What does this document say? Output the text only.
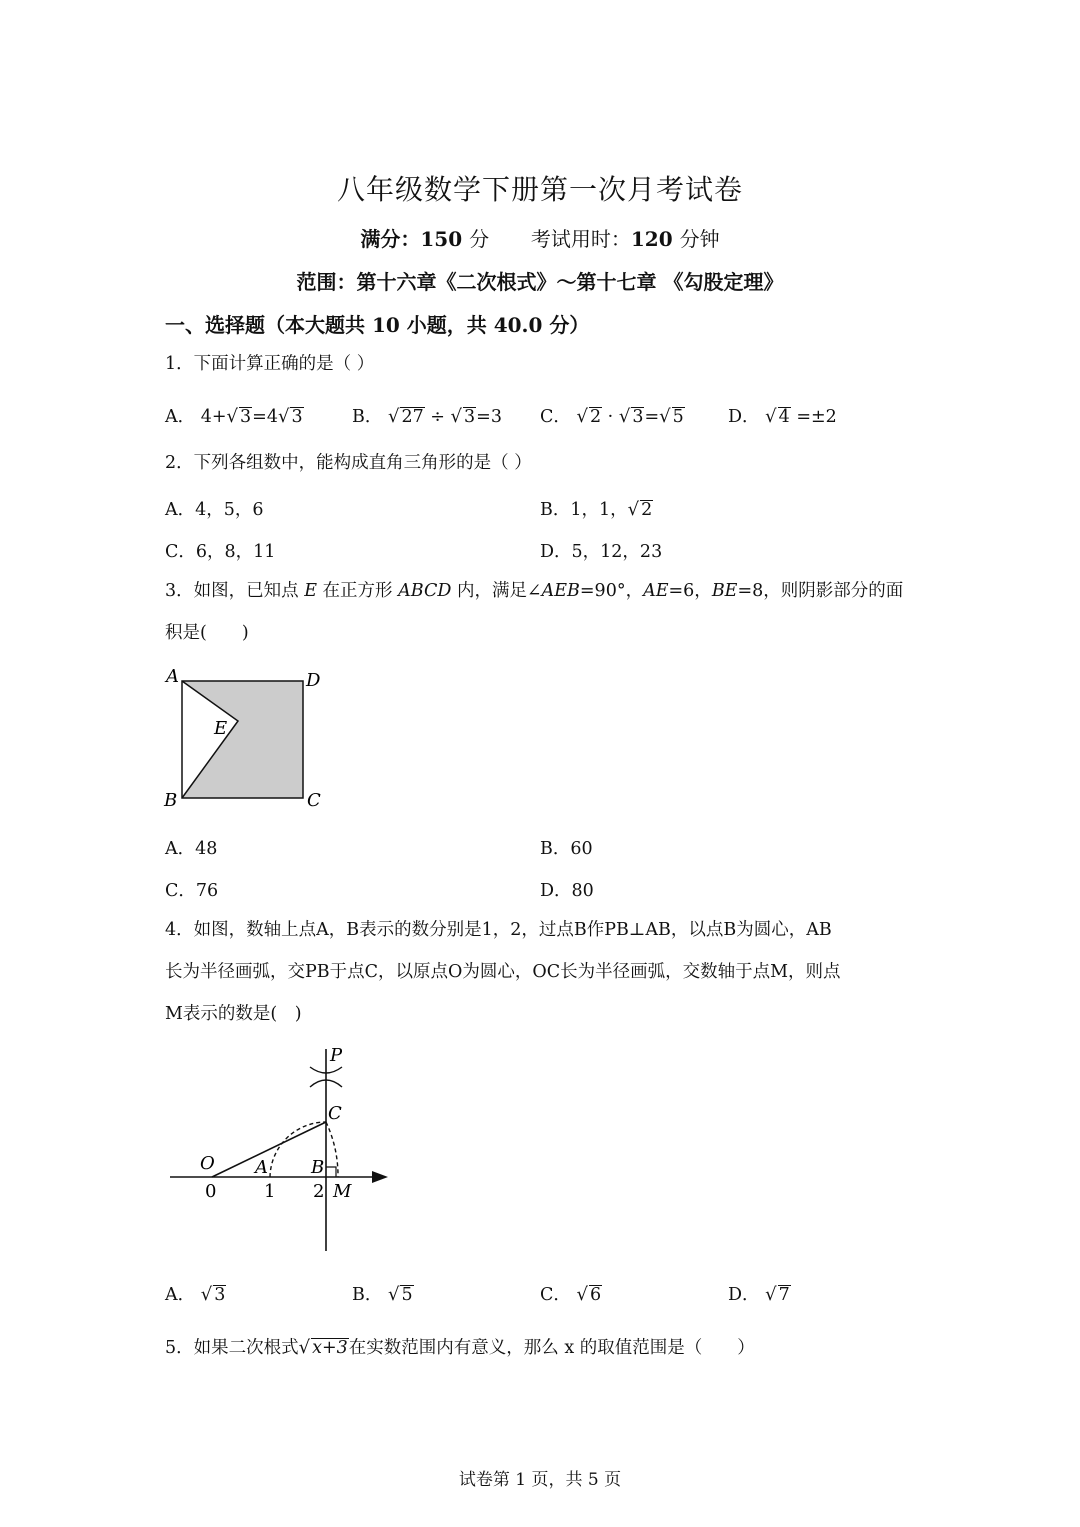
八年级数学下册第一次月考试卷
满分：150 分 考试用时：120 分钟
范围：第十六章《二次根式》～第十七章 《勾股定理》
一、选择题（本大题共 10 小题，共 40.0 分）
1．下面计算正确的是（ ）
A． 4+√ 3=4√ 3	B． √ 27 ÷ √ 3=3 C． √ 2 · √ 3=√ 5	D． √ 4 =±2
2．下列各组数中，能构成直角三角形的是（ ）
A．4，5，6	B．1，1，√ 2
C．6，8，11	D．5，12，23
3．如图，已知点 E 在正方形 ABCD 内，满足∠AEB=90°，AE=6，BE=8，则阴影部分的面
积是(　　)
A	D
E
B	C
A．48	B．60
C．76	D．80
4．如图，数轴上点A，B表示的数分别是1，2，过点B作PB⊥AB，以点B为圆心，AB
长为半径画弧，交PB于点C，以原点O为圆心，OC长为半径画弧，交数轴于点M，则点
M表示的数是(　)
P
C
O A B
M
0	1 2
A． √ 3	B． √ 5	C． √ 6	D． √ 7
5．如果二次根式√ x+3在实数范围内有意义，那么 x 的取值范围是（　　）
试卷第 1 页，共 5 页
